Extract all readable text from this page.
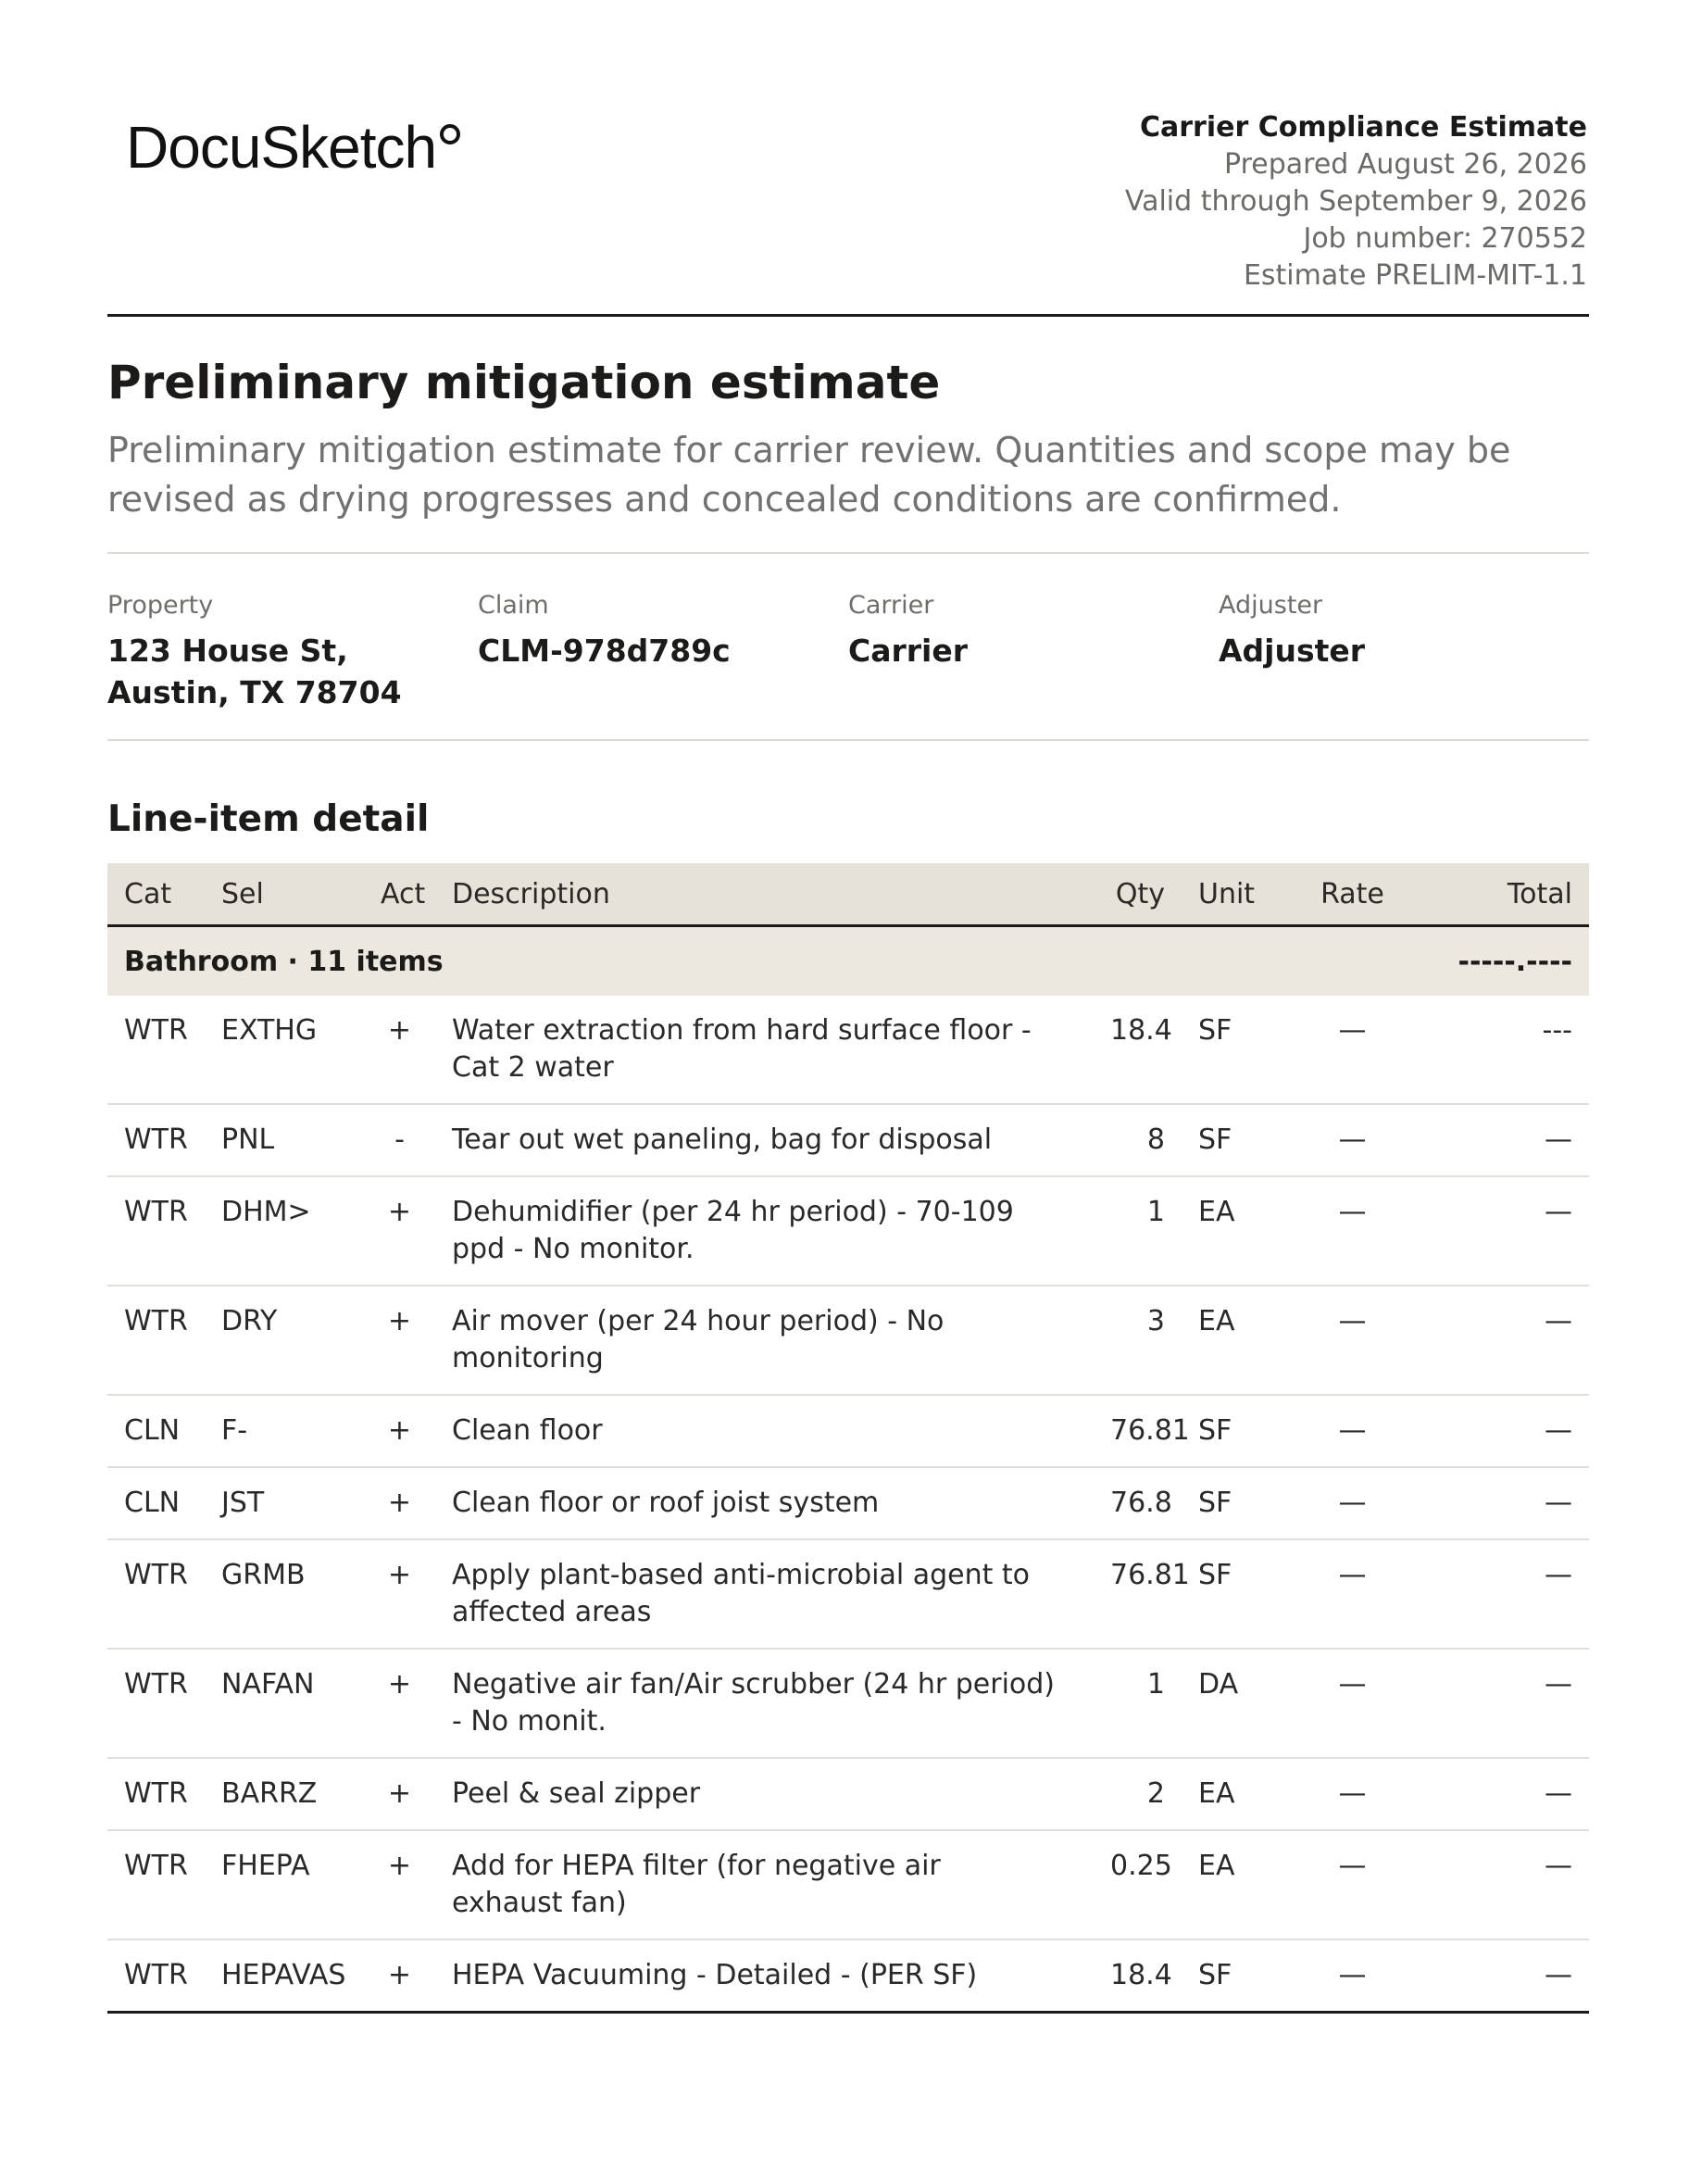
DocuSketch	Carrier Compliance Estimate
Prepared August 26, 2026
Valid through September 9, 2026
Job number: 270552
Estimate PRELIM-MIT-1.1
Preliminary mitigation estimate
Preliminary mitigation estimate for carrier review. Quantities and scope may be revised as drying progresses and concealed conditions are confirmed.
Property
123 House St,
Austin, TX 78704
Claim
CLM-978d789c
Carrier
Carrier
Adjuster
Adjuster
Line-item detail
Cat	Sel	Act	Description	Qty	Unit	Rate	Total
Bathroom · 11 items							-----.----
WTR	EXTHG	+	Water extraction from hard surface floor - Cat 2 water	18.4	SF	—	---
WTR	PNL	-	Tear out wet paneling, bag for disposal	8	SF	—	—
WTR	DHM>	+	Dehumidifier (per 24 hr period) - 70-109 ppd - No monitor.	1	EA	—	—
WTR	DRY	+	Air mover (per 24 hour period) - No monitoring	3	EA	—	—
CLN	F-	+	Clean floor	76.81	SF	—	—
CLN	JST	+	Clean floor or roof joist system	76.8	SF	—	—
WTR	GRMB	+	Apply plant-based anti-microbial agent to affected areas	76.81	SF	—	—
WTR	NAFAN	+	Negative air fan/Air scrubber (24 hr period) - No monit.	1	DA	—	—
WTR	BARRZ	+	Peel & seal zipper	2	EA	—	—
WTR	FHEPA	+	Add for HEPA filter (for negative air exhaust fan)	0.25	EA	—	—
WTR	HEPAVAS	+	HEPA Vacuuming - Detailed - (PER SF)	18.4	SF	—	—
